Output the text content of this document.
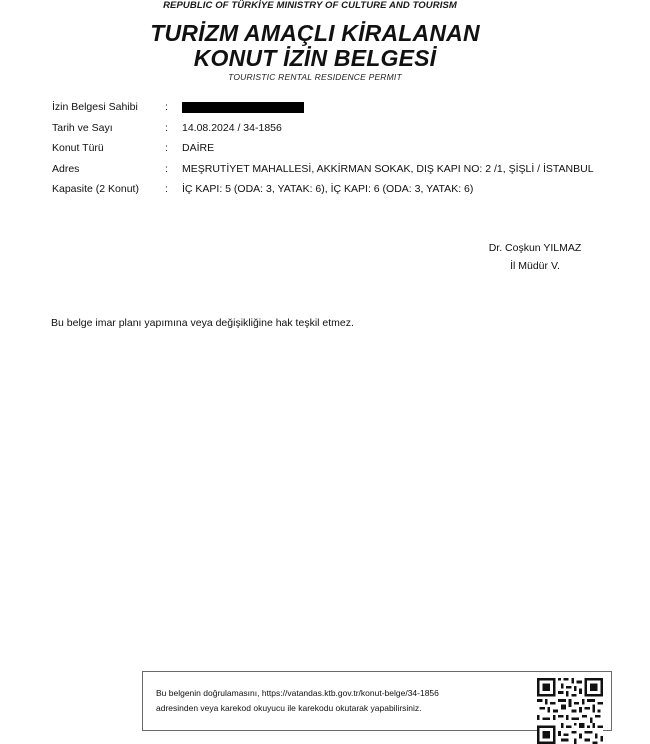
REPUBLIC OF TÜRKİYE MINISTRY OF CULTURE AND TOURISM
TURİZM AMAÇLI KİRALANAN
KONUT İZİN BELGESİ
TOURISTIC RENTAL RESIDENCE PERMIT
İzin Belgesi Sahibi	:
Tarih ve Sayı	: 14.08.2024 / 34-1856
Konut Türü	: DAİRE
Adres	: MEŞRUTİYET MAHALLESİ, AKKİRMAN SOKAK, DIŞ KAPI NO: 2 /1, ŞİŞLİ / İSTANBUL
Kapasite (2 Konut)	: İÇ KAPI: 5 (ODA: 3, YATAK: 6), İÇ KAPI: 6 (ODA: 3, YATAK: 6)
Dr. Coşkun YILMAZ
İl Müdür V.
Bu belge imar planı yapımına veya değişikliğine hak teşkil etmez.
Bu belgenin doğrulamasını, https://vatandas.ktb.gov.tr/konut-belge/34-1856
adresinden veya karekod okuyucu ile karekodu okutarak yapabilirsiniz.
